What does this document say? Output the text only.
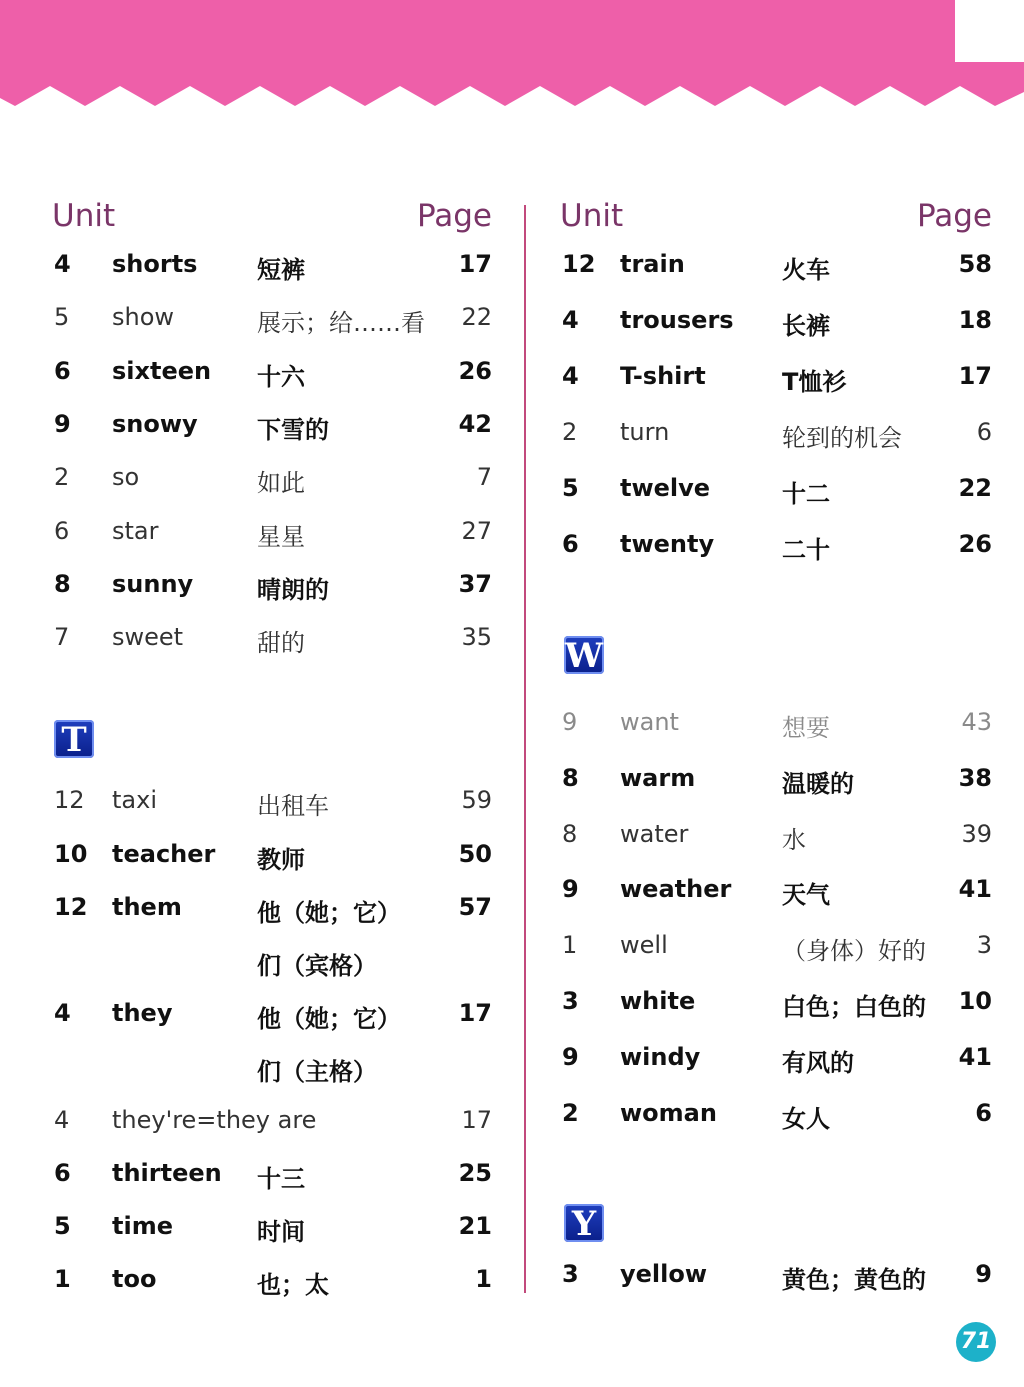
Unit	Page
4 shorts 短裤	17
5 show	展示；给……看 22
6 sixteen 十六	26
9 snowy 下雪的	42
2 so	如此	7
6 star	星星	27
8 sunny	晴朗的	37
7 sweet	甜的	35
T
12 taxi	出租车	59
10 teacher 教师	50
12 them	他（她；它） 57
们（宾格）
4 they	他（她；它） 17
们（主格）
4 they're=they are	17
6 thirteen 十三	25
5 time	时间	21
1 too	也；太	1
Unit	Page
12 train	火车	58
4 trousers 长裤	18
4 T-shirt	T恤衫	17
2 turn	轮到的机会	6
5 twelve	十二	22
6 twenty	二十	26
W
9 want	想要	43
8 warm	温暖的	38
8 water	水	39
9 weather 天气	41
1 well	（身体）好的 3
3 white	白色；白色的 10
9 windy	有风的	41
2 woman	女人	6
Y
3 yellow	黄色；黄色的 9
71
